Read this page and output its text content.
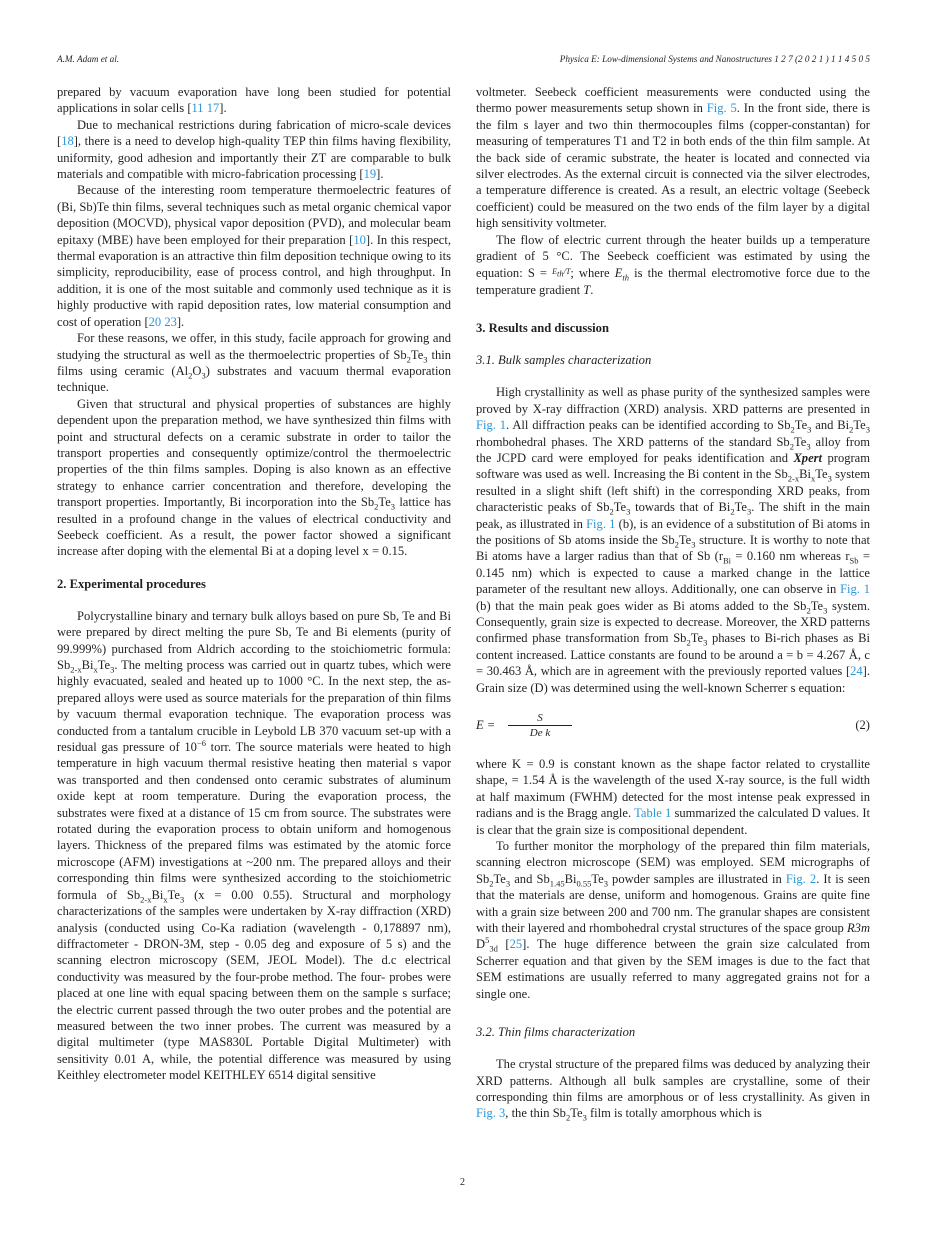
A.M. Adam et al.	Physica E: Low-dimensional Systems and Nanostructures 1 2 7 (2 0 2 1 ) 1 1 4 5 0 5

prepared by vacuum evaporation have long been studied for potential applications in solar cells [11 17].

Due to mechanical restrictions during fabrication of micro-scale devices [18], there is a need to develop high-quality TEP thin films having flexibility, uniformity, good adhesion and importantly their ZT are comparable to bulk materials and compatible with micro-fabrication processing [19].

Because of the interesting room temperature thermoelectric features of (Bi, Sb)Te thin films, several techniques such as metal organic chemical vapor deposition (MOCVD), physical vapor deposition (PVD), and molecular beam epitaxy (MBE) have been employed for their preparation [10]. In this respect, thermal evaporation is an attractive thin film deposition technique owing to its simplicity, reproducibility, ease of process control, and high throughput. In addition, it is one of the most suitable and commonly used technique as it is highly productive with rapid deposition rates, low material consumption and cost of operation [20 23].

For these reasons, we offer, in this study, facile approach for growing and studying the structural as well as the thermoelectric properties of $Sb_2Te_3$ thin films using ceramic $(Al_2O_3)$ substrates and vacuum thermal evaporation technique.

Given that structural and physical properties of substances are highly dependent upon the preparation method, we have synthesized thin films with point and structural defects on a ceramic substrate in order to tailor the transport properties and consequently optimize/control the thermoelectric properties of the thin films samples. Doping is also known as an effective strategy to enhance carrier concentration and therefore, developing the transport properties. Importantly, Bi incorporation into the $Sb_2Te_3$ lattice has resulted in a profound change in the values of electrical conductivity and Seebeck coefficient. As a result, the power factor showed a significant increase after doping with the elemental Bi at a doping level x = 0.15.

2. Experimental procedures

Polycrystalline binary and ternary bulk alloys based on pure Sb, Te and Bi were prepared by direct melting the pure Sb, Te and Bi elements (purity of 99.999%) purchased from Aldrich according to the stoichiometric formula: $Sb_{2-x}Bi_xTe_3$. The melting process was carried out in quartz tubes, which were highly evacuated, sealed and heated up to 1000 °C. In the next step, the as-prepared alloys were used as source materials for the preparation of thin films by vacuum thermal evaporation technique. The evaporation process was conducted from a tantalum crucible in Leybold LB 370 vacuum set-up with a residual gas pressure of $10^{-6}$ torr. The source materials were heated to high temperature in high vacuum thermal resistive heating then material s vapor was transported and then condensed onto ceramic substrates of aluminum oxide kept at room temperature. During the evaporation process, the substrates were fixed at a distance of 15 cm from source. The substrates were rotated during the evaporation process to obtain uniform and homogenous layers. Thickness of the prepared films was estimated by the atomic force microscope (AFM) investigations at ~200 nm. The prepared alloys and their corresponding thin films were synthesized according to the stoichiometric formula of $Sb_{2-x}Bi_xTe_3$ (x = 0.00 0.55). Structural and morphology characterizations of the samples were undertaken by X-ray diffraction (XRD) analysis (conducted using Co-Ka radiation (wavelength - 0,178897 nm), diffractometer - DRON-3M, step - 0.05 deg and exposure of 5 s) and the scanning electron microscopy (SEM, JEOL Model). The d.c electrical conductivity was measured by the four-probe method. The four- probes were placed at one line with equal spacing between them on the sample s surface; the electric current passed through the two outer probes and the potential are measured between the two inner probes. The current was measured by a digital multimeter (type MAS830L Portable Digital Multimeter) with sensitivity 0.01 A, while, the potential difference was measured by using Keithley electrometer model KEITHLEY 6514 digital sensitive

voltmeter. Seebeck coefficient measurements were conducted using the thermo power measurements setup shown in Fig. 5. In the front side, there is the film s layer and two thin thermocouples films (copper-constantan) for measuring of temperatures T1 and T2 in both ends of the thin film sample. At the back side of ceramic substrate, the heater is located and connected via silver electrodes. As the external circuit is connected via the silver electrodes, a temperature difference is created. As a result, an electric voltage (Seebeck coefficient) could be measured on the two ends of the film layer by a digital high sensitivity voltmeter.

The flow of electric current through the heater builds up a temperature gradient of 5 °C. The Seebeck coefficient was estimated by using the equation: S = $^{E_{th}/T}$; where $E_{th}$ is the thermal electromotive force due to the temperature gradient T.

3. Results and discussion
3.1. Bulk samples characterization

High crystallinity as well as phase purity of the synthesized samples were proved by X-ray diffraction (XRD) analysis. XRD patterns are presented in Fig. 1. All diffraction peaks can be identified according to $Sb_2Te_3$ and $Bi_2Te_3$ rhombohedral phases. The XRD patterns of the standard $Sb_2Te_3$ alloy from the JCPD card were employed for peaks identification and Xpert program software was used as well. Increasing the Bi content in the $Sb_{2-x}Bi_xTe_3$ system resulted in a slight shift (left shift) in the corresponding XRD peaks, from characteristic peaks of $Sb_2Te_3$ towards that of $Bi_2Te_3$. The shift in the main peak, as illustrated in Fig. 1 (b), is an evidence of a substitution of Bi atoms in the positions of Sb atoms inside the $Sb_2Te_3$ structure. It is worthy to note that Bi atoms have a larger radius than that of Sb ($r_{Bi} = 0.160$ nm whereas $r_{Sb} = 0.145$ nm) which is expected to cause a marked change in the lattice parameter of the resultant new alloys. Additionally, one can observe in Fig. 1 (b) that the main peak goes wider as Bi atoms added to the $Sb_2Te_3$ system. Consequently, grain size is expected to decrease. Moreover, the XRD patterns confirmed phase transformation from $Sb_2Te_3$ phases to Bi-rich phases as Bi content increased. Lattice constants are found to be around a = b = 4.267 Å, c = 30.463 Å, which are in agreement with the previously reported values [24]. Grain size (D) was determined using the well-known Scherrer s equation:

E =	$\frac{S}{\text{De k}}$	(2)

where K = 0.9 is constant known as the shape factor related to crystallite shape, = 1.54 Å is the wavelength of the used X-ray source, is the full width at half maximum (FWHM) detected for the most intense peak expressed in radians and is the Bragg angle. Table 1 summarized the calculated D values. It is clear that the grain size is compositional dependent.

To further monitor the morphology of the prepared thin film materials, scanning electron microscope (SEM) was employed. SEM micrographs of $Sb_2Te_3$ and $Sb_{1.45}Bi_{0.55}Te_3$ powder samples are illustrated in Fig. 2. It is seen that the materials are dense, uniform and homogenous. Grains are quite fine with a grain size between 200 and 700 nm. The granular shapes are consistent with their layered and rhombohedral crystal structures of the space group R3m $D^5_{3d}$ [25]. The huge difference between the grain size calculated from Scherrer equation and that given by the SEM images is due to the fact that SEM estimations are usually referred to many aggregated grains not for a single one.

3.2. Thin films characterization

The crystal structure of the prepared films was deduced by analyzing their XRD patterns. Although all bulk samples are crystalline, some of their corresponding thin films are amorphous or of less crystallinity. As given in Fig. 3, the thin $Sb_2Te_3$ film is totally amorphous which is

2
